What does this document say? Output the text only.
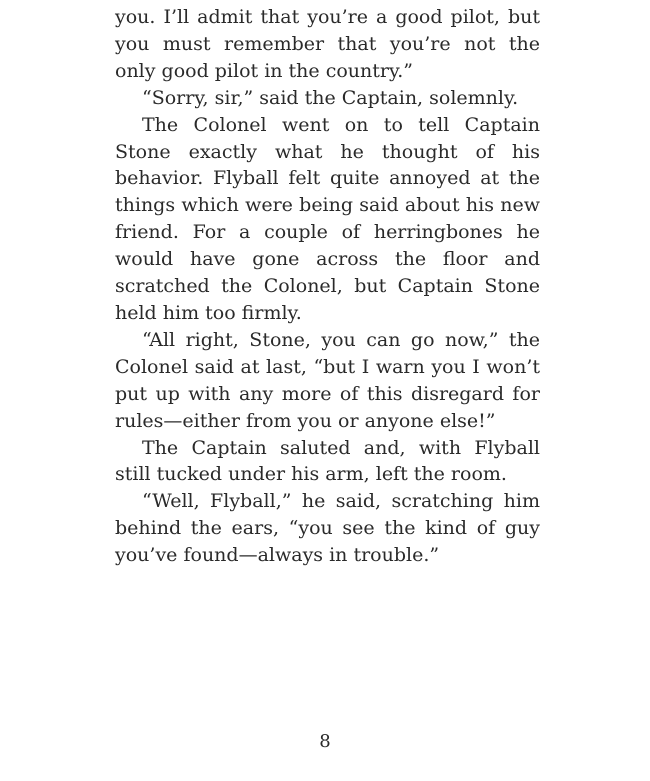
you. I’ll admit that you’re a good pilot, but you must remember that you’re not the only good pilot in the country.”

“Sorry, sir,” said the Captain, solemnly.

The Colonel went on to tell Captain Stone exactly what he thought of his behavior. Flyball felt quite annoyed at the things which were being said about his new friend. For a couple of herringbones he would have gone across the floor and scratched the Colonel, but Captain Stone held him too firmly.

“All right, Stone, you can go now,” the Colonel said at last, “but I warn you I won’t put up with any more of this disregard for rules—either from you or anyone else!”

The Captain saluted and, with Flyball still tucked under his arm, left the room.

“Well, Flyball,” he said, scratching him behind the ears, “you see the kind of guy you’ve found—always in trouble.”

8
